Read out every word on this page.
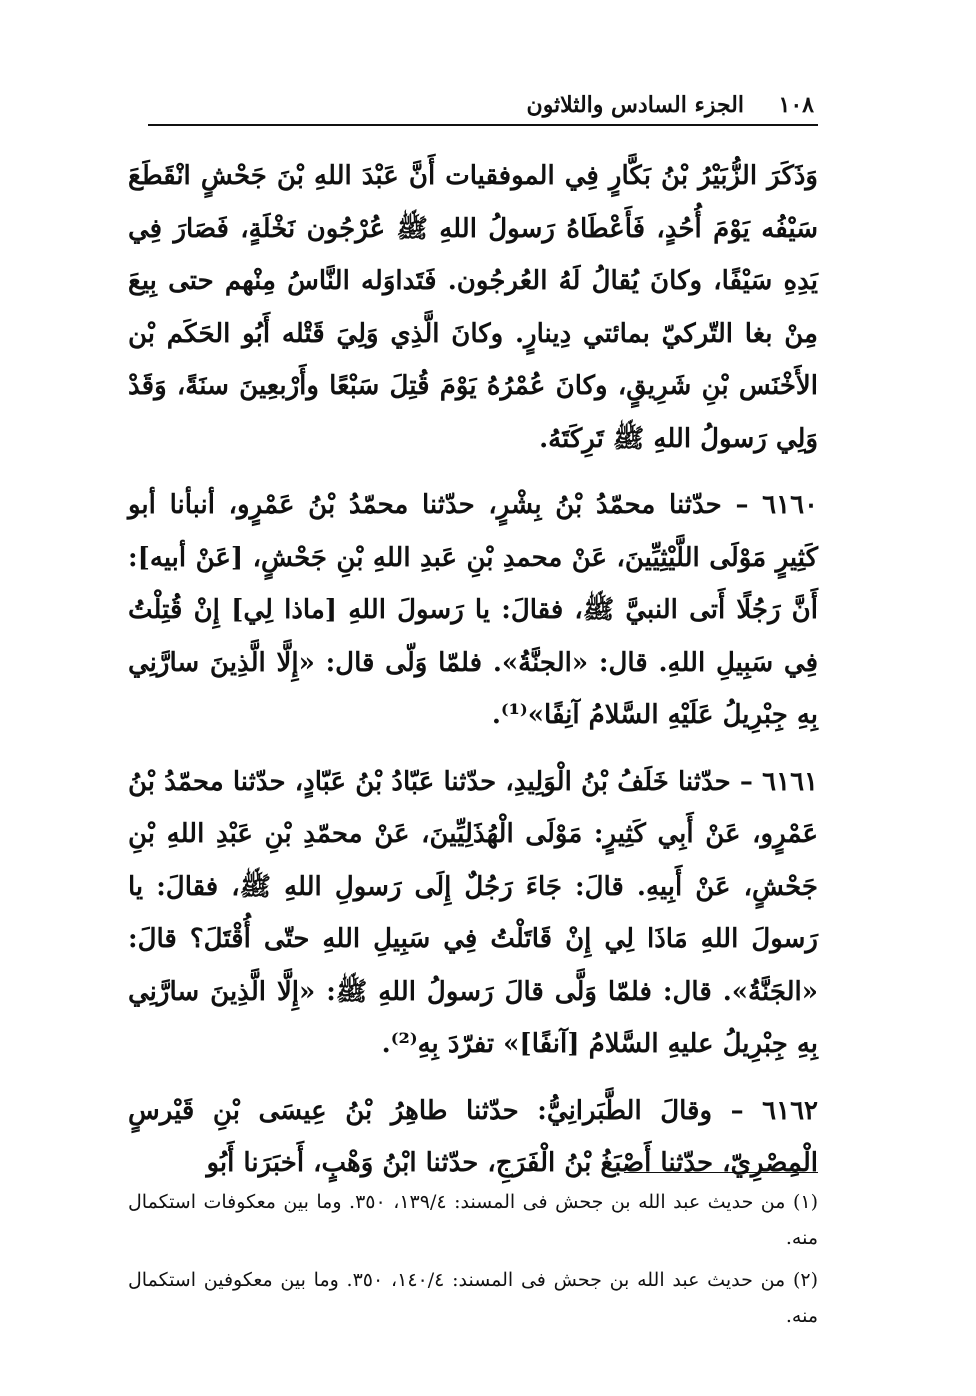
١٠٨
الجزء السادس والثلاثون

وَذَكَرَ الزُّبَيْرُ بْنُ بَكَّارٍ فِي الموفقيات أَنَّ عَبْدَ اللهِ بْنَ جَحْشٍ انْقَطَعَ سَيْفُه يَوْمَ أُحُدٍ، فَأَعْطَاهُ رَسولُ اللهِ ﷺ عُرْجُون نَخْلَةٍ، فَصَارَ فِي يَدِهِ سَيْفًا، وكانَ يُقالُ لَهُ العُرجُون. فَتَداوَله النَّاسُ مِنْهم حتى بِيعَ مِنْ بغا التّركيّ بمائتي دِينارٍ. وكانَ الَّذِي وَلِيَ قَتْله أَبُو الحَكَم بْن الأَخْنَس بْنِ شَرِيقٍ، وكانَ عُمْرُهُ يَوْمَ قُتِلَ سَبْعًا وأَرْبعِينَ سنَةً، وَقَدْ وَلِي رَسولُ اللهِ ﷺ تَرِكَتَهُ.

٦١٦٠ – حدّثنا محمّدُ بْنُ بِشْرٍ، حدّثنا محمّدُ بْنُ عَمْرٍو، أنبأنا أبو كَثِيرٍ مَوْلَى اللَّيْثِيِّينَ، عَنْ محمدِ بْنِ عَبدِ اللهِ بْنِ جَحْشٍ، [عَنْ أبيه]: أَنَّ رَجُلًا أَتى النبيَّ ﷺ، فقالَ: يا رَسولَ اللهِ [ماذا لِي] إِنْ قُتِلْتُ فِي سَبِيلِ اللهِ. قال: «الجنَّةُ». فلمّا وَلّى قال: «إِلَّا الَّذِينَ سارَّنِي بِهِ جِبْرِيلُ عَلَيْهِ السَّلامُ آنِفًا»⁽¹⁾.

٦١٦١ – حدّثنا خَلَفُ بْنُ الْوَلِيدِ، حدّثنا عَبّادُ بْنُ عَبّادٍ، حدّثنا محمّدُ بْنُ عَمْرٍو، عَنْ أَبِي كَثِيرٍ: مَوْلَى الْهُذَلِيِّينَ، عَنْ محمّدِ بْنِ عَبْدِ اللهِ بْنِ جَحْشٍ، عَنْ أَبِيهِ. قالَ: جَاءَ رَجُلٌ إِلَى رَسولِ اللهِ ﷺ، فقالَ: يا رَسولَ اللهِ مَاذَا لِي إِنْ قَاتَلْتُ فِي سَبِيلِ اللهِ حتّى أُقْتَلَ؟ قالَ: «الجَنَّةُ». قال: فلمّا وَلَّى قالَ رَسولُ اللهِ ﷺ: «إِلَّا الَّذِينَ سارَّنِي بِهِ جِبْرِيلُ عليهِ السَّلامُ [آنفًا]» تفرّدَ بِهِ⁽²⁾.

٦١٦٢ – وقالَ الطَّبَرانِيُّ: حدّثنا طاهِرُ بْنُ عِيسَى بْنِ قَيْرسٍ الْمِصْرِيّ، حدّثنا أَصْبَغُ بْنُ الْفَرَجِ، حدّثنا ابْنُ وَهْبٍ، أَخبَرَنا أَبُو

(١) من حديث عبد الله بن جحش فى المسند: ١٣٩/٤، ٣٥٠. وما بين معكوفات استكمال منه.

(٢) من حديث عبد الله بن جحش فى المسند: ١٤٠/٤، ٣٥٠. وما بين معكوفين استكمال منه.
